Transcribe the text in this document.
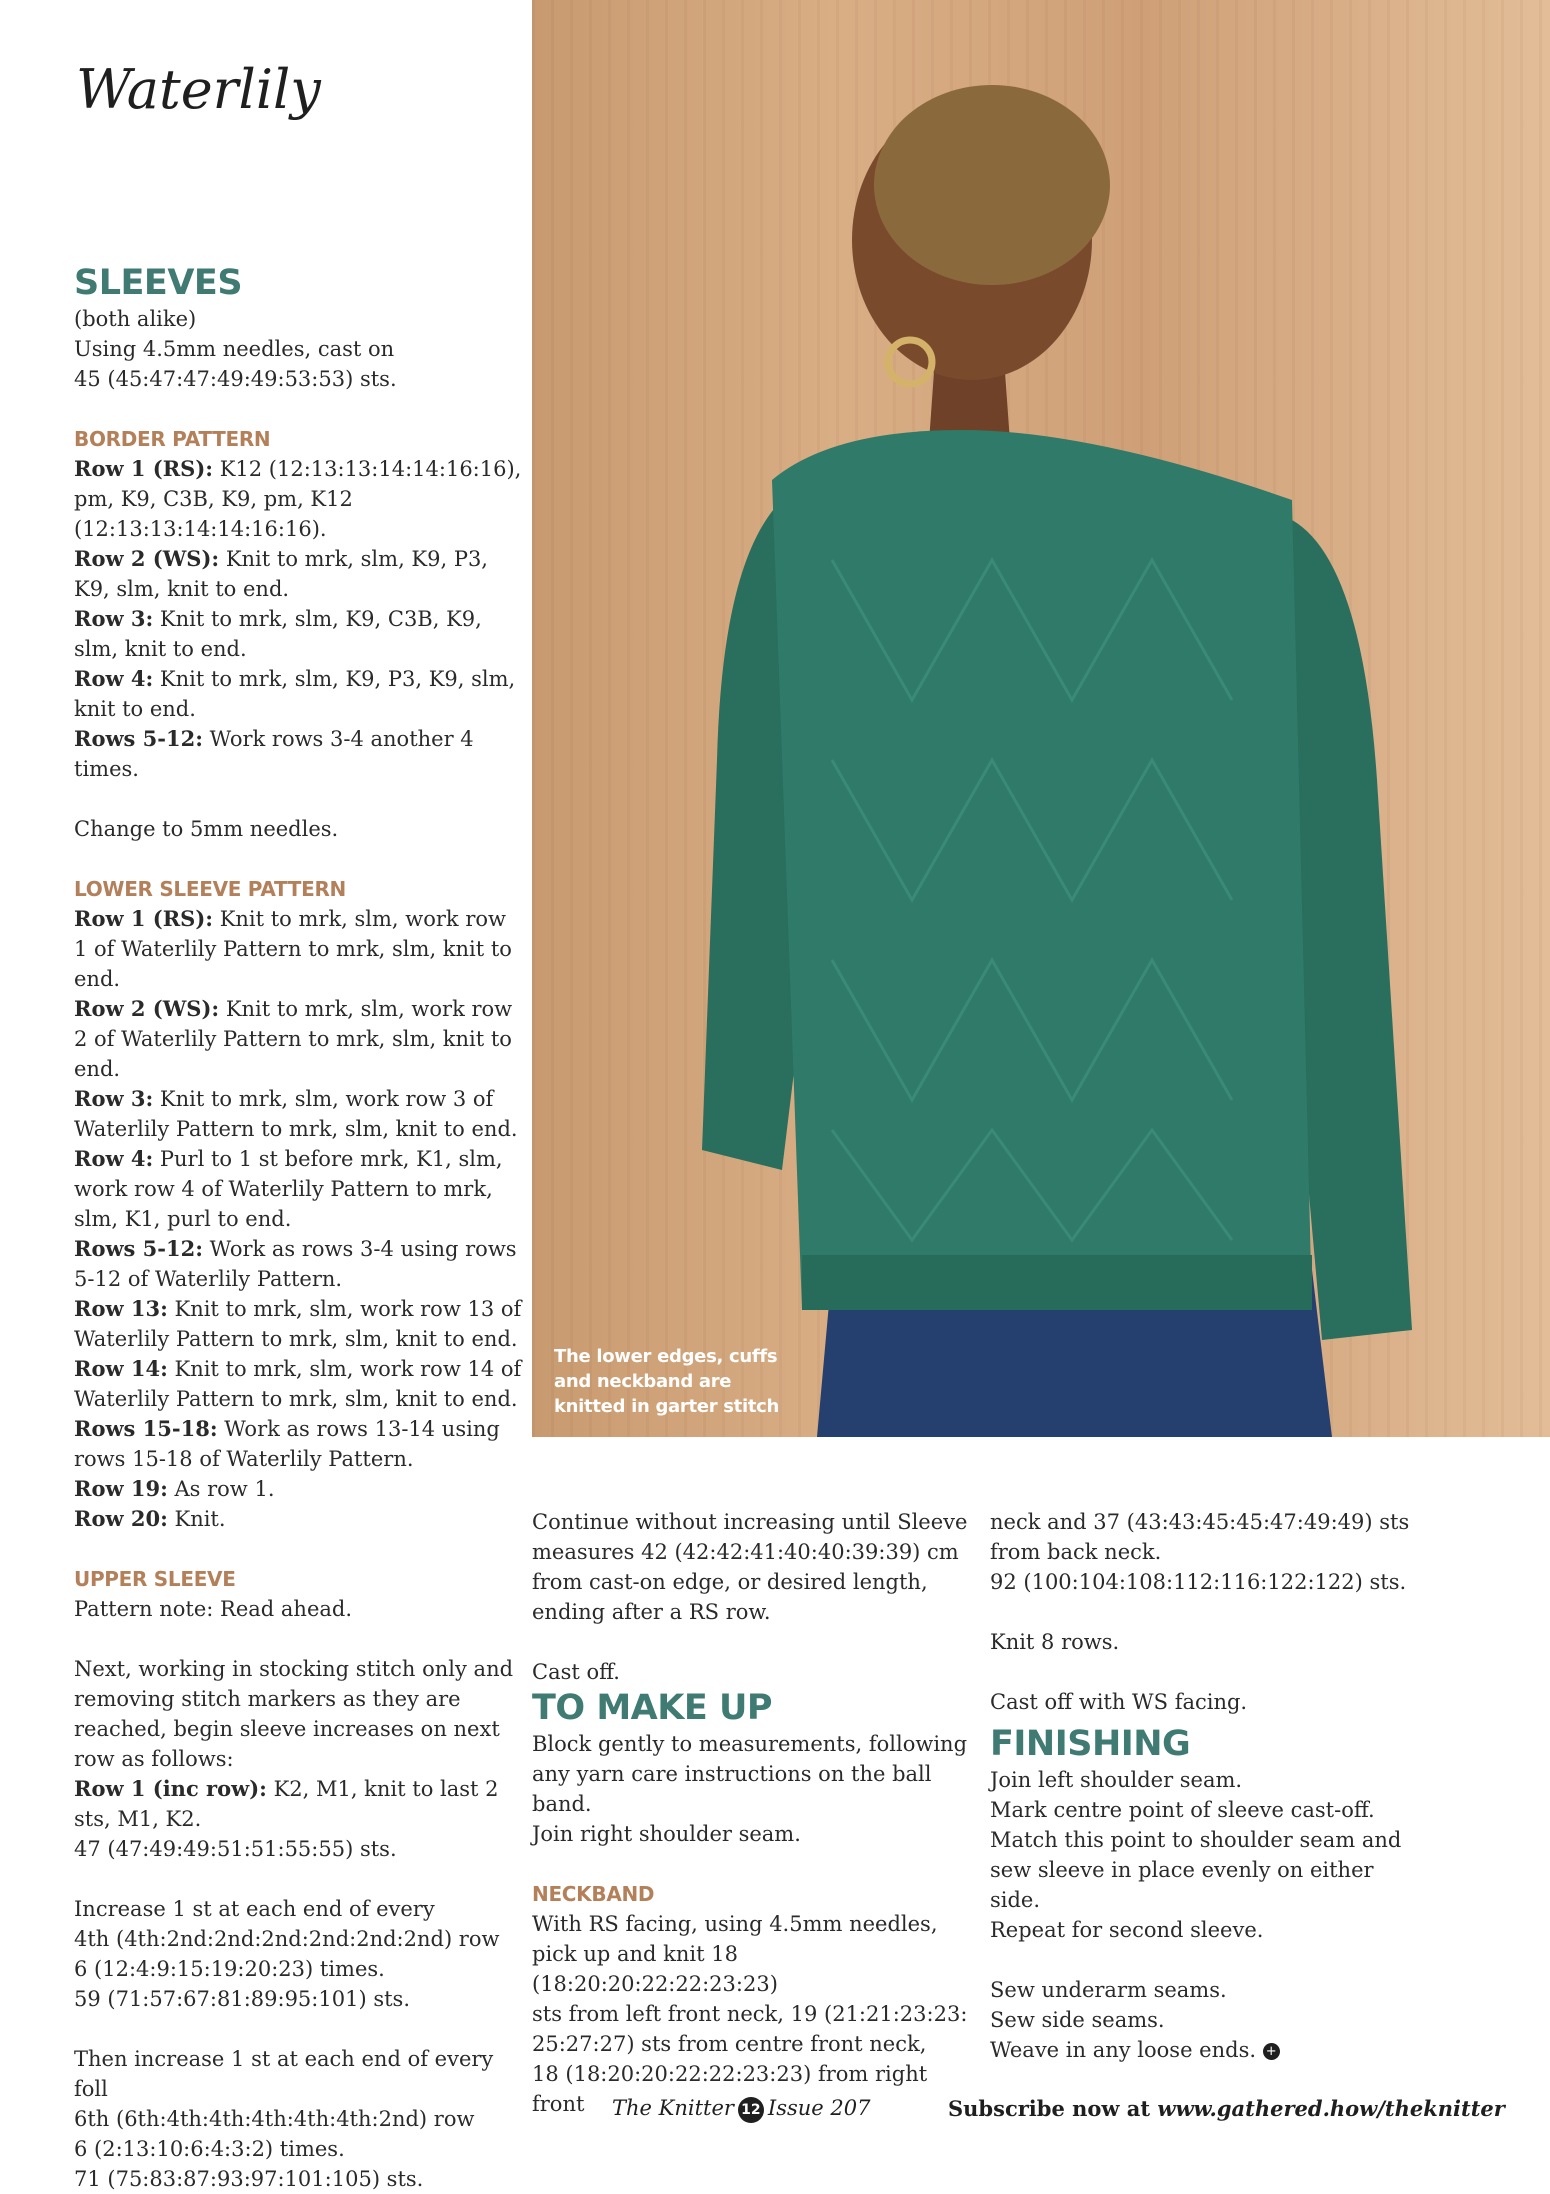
Waterlily
SLEEVES

(both alike)

Using 4.5mm needles, cast on

45 (45:47:47:49:49:53:53) sts.

BORDER PATTERN

Row 1 (RS): K12 (12:13:13:14:14:16:16), pm, K9, C3B, K9, pm, K12 (12:13:13:14:14:16:16).

Row 2 (WS): Knit to mrk, slm, K9, P3, K9, slm, knit to end.

Row 3: Knit to mrk, slm, K9, C3B, K9, slm, knit to end.

Row 4: Knit to mrk, slm, K9, P3, K9, slm, knit to end.

Rows 5-12: Work rows 3-4 another 4 times.

Change to 5mm needles.

LOWER SLEEVE PATTERN

Row 1 (RS): Knit to mrk, slm, work row 1 of Waterlily Pattern to mrk, slm, knit to end.

Row 2 (WS): Knit to mrk, slm, work row 2 of Waterlily Pattern to mrk, slm, knit to end.

Row 3: Knit to mrk, slm, work row 3 of Waterlily Pattern to mrk, slm, knit to end.

Row 4: Purl to 1 st before mrk, K1, slm, work row 4 of Waterlily Pattern to mrk, slm, K1, purl to end.

Rows 5-12: Work as rows 3-4 using rows 5-12 of Waterlily Pattern.

Row 13: Knit to mrk, slm, work row 13 of Waterlily Pattern to mrk, slm, knit to end.

Row 14: Knit to mrk, slm, work row 14 of Waterlily Pattern to mrk, slm, knit to end.

Rows 15-18: Work as rows 13-14 using rows 15-18 of Waterlily Pattern.

Row 19: As row 1.

Row 20: Knit.

UPPER SLEEVE

Pattern note: Read ahead.

Next, working in stocking stitch only and removing stitch markers as they are reached, begin sleeve increases on next row as follows:

Row 1 (inc row): K2, M1, knit to last 2 sts, M1, K2.

47 (47:49:49:51:51:55:55) sts.

Increase 1 st at each end of every

4th (4th:2nd:2nd:2nd:2nd:2nd:2nd) row

6 (12:4:9:15:19:20:23) times.

59 (71:57:67:81:89:95:101) sts.

Then increase 1 st at each end of every foll

6th (6th:4th:4th:4th:4th:4th:2nd) row

6 (2:13:10:6:4:3:2) times.

71 (75:83:87:93:97:101:105) sts.

The lower edges, cuffs
and neckband are
knitted in garter stitch

Continue without increasing until Sleeve

measures 42 (42:42:41:40:40:39:39) cm

from cast-on edge, or desired length,

ending after a RS row.

Cast off.

TO MAKE UP

Block gently to measurements, following

any yarn care instructions on the ball band.

Join right shoulder seam.

NECKBAND

With RS facing, using 4.5mm needles,

pick up and knit 18 (18:20:20:22:22:23:23)

sts from left front neck, 19 (21:21:23:23:

25:27:27) sts from centre front neck,

18 (18:20:20:22:22:23:23) from right front

neck and 37 (43:43:45:45:47:49:49) sts

from back neck.

92 (100:104:108:112:116:122:122) sts.

Knit 8 rows.

Cast off with WS facing.

FINISHING

Join left shoulder seam.

Mark centre point of sleeve cast-off.

Match this point to shoulder seam and

sew sleeve in place evenly on either side.

Repeat for second sleeve.

Sew underarm seams.

Sew side seams.

Weave in any loose ends. +

The Knitter 12 Issue 207	Subscribe now at www.gathered.how/theknitter
